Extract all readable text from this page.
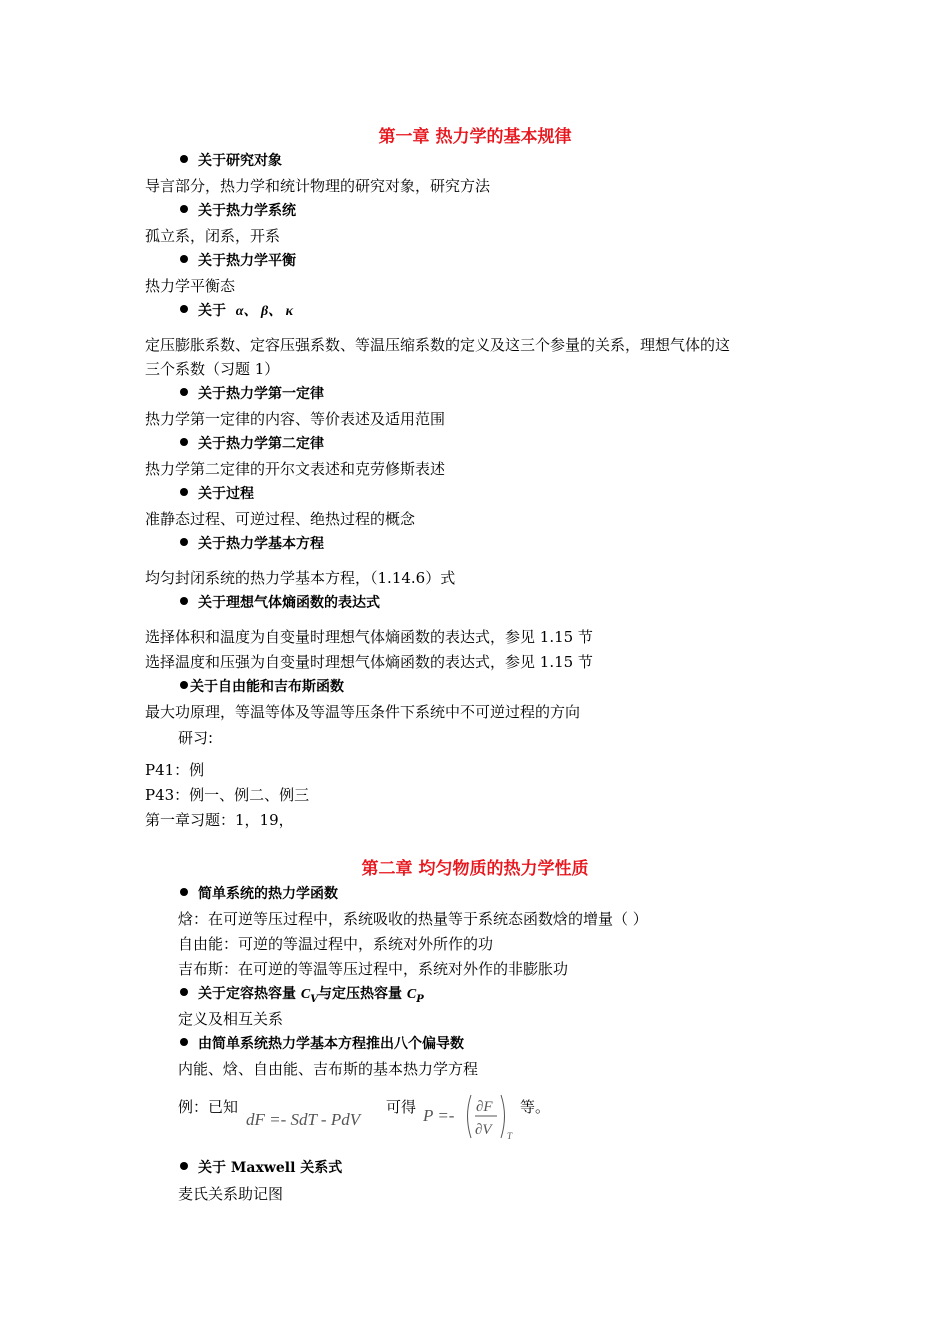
第一章 热力学的基本规律
关于研究对象
导言部分，热力学和统计物理的研究对象，研究方法
关于热力学系统
孤立系，闭系，开系
关于热力学平衡
热力学平衡态
关于 α、 β、 κ
定压膨胀系数、定容压强系数、等温压缩系数的定义及这三个参量的关系，理想气体的这
三个系数（习题 1）
关于热力学第一定律
热力学第一定律的内容、等价表述及适用范围
关于热力学第二定律
热力学第二定律的开尔文表述和克劳修斯表述
关于过程
准静态过程、可逆过程、绝热过程的概念
关于热力学基本方程
均匀封闭系统的热力学基本方程，（1.14.6）式
关于理想气体熵函数的表达式
选择体积和温度为自变量时理想气体熵函数的表达式，参见 1.15 节
选择温度和压强为自变量时理想气体熵函数的表达式，参见 1.15 节
关于自由能和吉布斯函数
最大功原理，等温等体及等温等压条件下系统中不可逆过程的方向
研习:
P41：例
P43：例一、例二、例三
第一章习题：1，19，
第二章 均匀物质的热力学性质
简单系统的热力学函数
焓：在可逆等压过程中，系统吸收的热量等于系统态函数焓的增量（ ）
自由能：可逆的等温过程中，系统对外所作的功
吉布斯：在可逆的等温等压过程中，系统对外作的非膨胀功
关于定容热容量 $C_V$与定压热容量 $C_P$
定义及相互关系
由简单系统热力学基本方程推出八个偏导数
内能、焓、自由能、吉布斯的基本热力学方程
例：已知
dF =- SdT - PdV
可得 P =- ∂F
∂V T
等。
关于 Maxwell 关系式
麦氏关系助记图
